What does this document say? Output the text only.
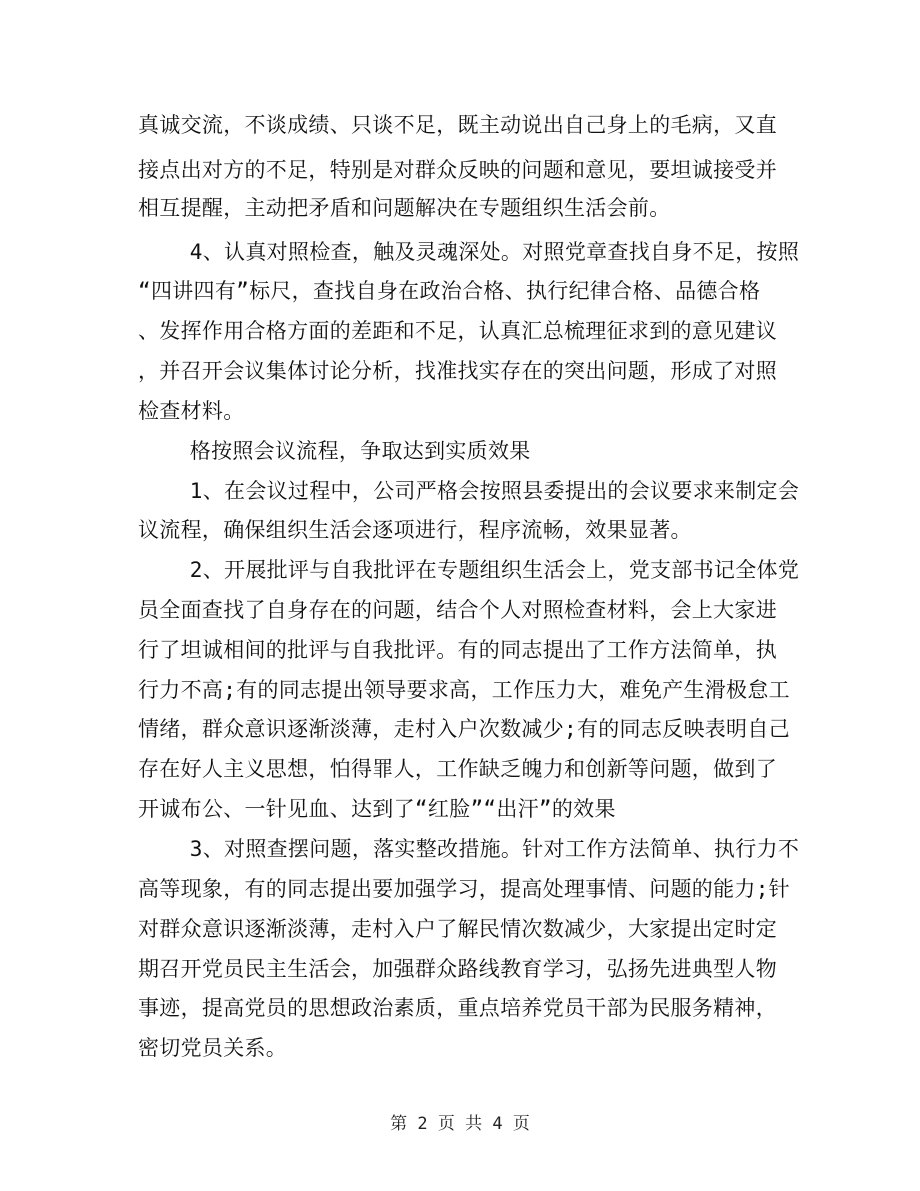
真诚交流，不谈成绩、只谈不足，既主动说出自己身上的毛病，又直

接点出对方的不足，特别是对群众反映的问题和意见，要坦诚接受并

相互提醒，主动把矛盾和问题解决在专题组织生活会前。

4、认真对照检查，触及灵魂深处。对照党章查找自身不足，按照

“四讲四有”标尺，查找自身在政治合格、执行纪律合格、品德合格

、发挥作用合格方面的差距和不足，认真汇总梳理征求到的意见建议

，并召开会议集体讨论分析，找准找实存在的突出问题，形成了对照

检查材料。

格按照会议流程，争取达到实质效果

1、在会议过程中，公司严格会按照县委提出的会议要求来制定会

议流程，确保组织生活会逐项进行，程序流畅，效果显著。

2、开展批评与自我批评在专题组织生活会上，党支部书记全体党

员全面查找了自身存在的问题，结合个人对照检查材料，会上大家进

行了坦诚相间的批评与自我批评。有的同志提出了工作方法简单，执

行力不高;有的同志提出领导要求高，工作压力大，难免产生滑极怠工

情绪，群众意识逐渐淡薄，走村入户次数减少;有的同志反映表明自己

存在好人主义思想，怕得罪人，工作缺乏魄力和创新等问题，做到了

开诚布公、一针见血、达到了“红脸”“出汗”的效果

3、对照查摆问题，落实整改措施。针对工作方法简单、执行力不

高等现象，有的同志提出要加强学习，提高处理事情、问题的能力;针

对群众意识逐渐淡薄，走村入户了解民情次数减少，大家提出定时定

期召开党员民主生活会，加强群众路线教育学习，弘扬先进典型人物

事迹，提高党员的思想政治素质，重点培养党员干部为民服务精神，

密切党员关系。

第 2 页 共 4 页
